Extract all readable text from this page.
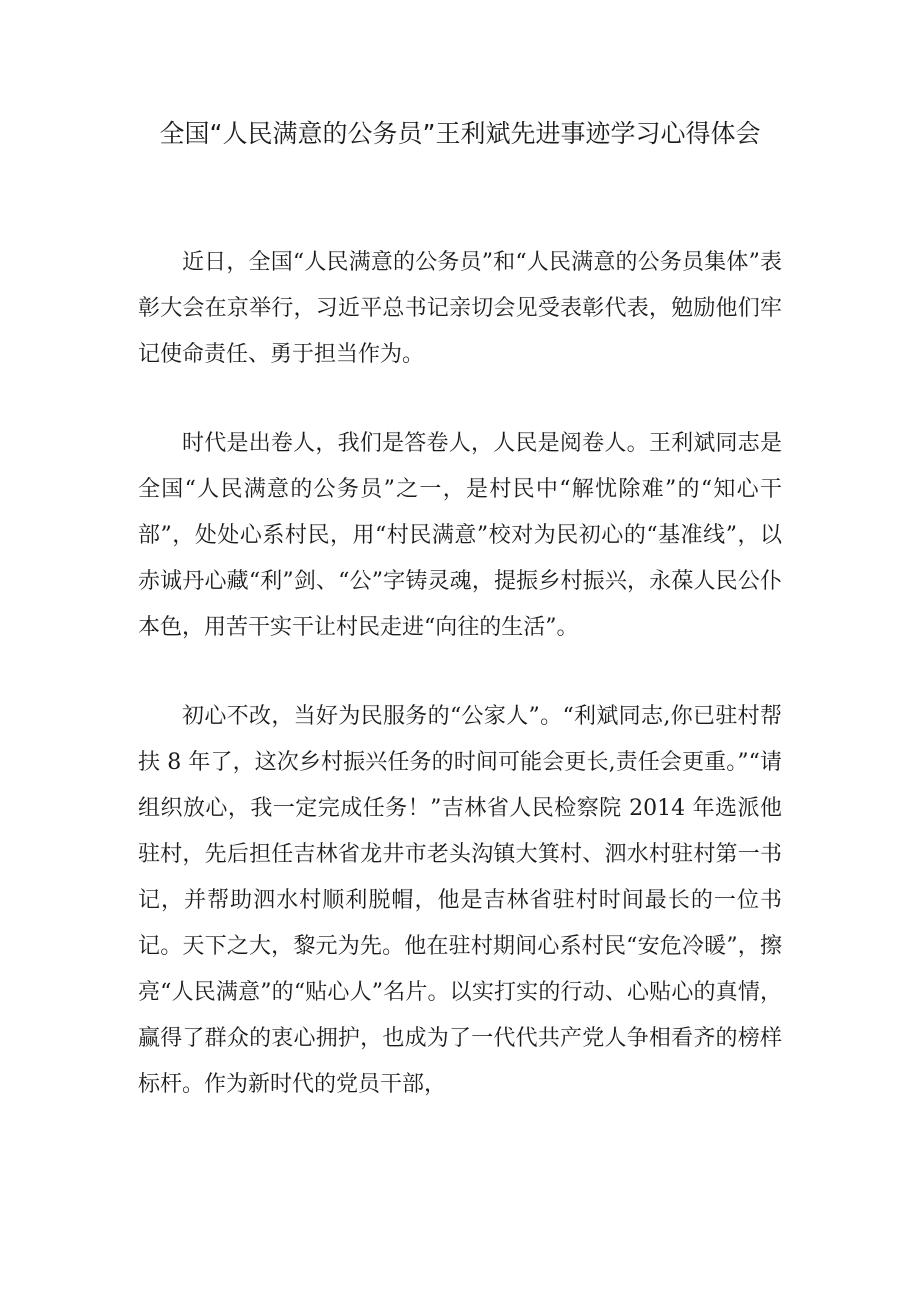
全国“人民满意的公务员”王利斌先进事迹学习心得体会

近日，全国“人民满意的公务员”和“人民满意的公务员集体”表彰大会在京举行，习近平总书记亲切会见受表彰代表，勉励他们牢记使命责任、勇于担当作为。

时代是出卷人，我们是答卷人，人民是阅卷人。王利斌同志是全国“人民满意的公务员”之一，是村民中“解忧除难”的“知心干部”，处处心系村民，用“村民满意”校对为民初心的“基准线”，以赤诚丹心藏“利”剑、“公”字铸灵魂，提振乡村振兴，永葆人民公仆本色，用苦干实干让村民走进“向往的生活”。

初心不改，当好为民服务的“公家人”。“利斌同志,你已驻村帮扶 8 年了，这次乡村振兴任务的时间可能会更长,责任会更重。”“请组织放心，我一定完成任务！”吉林省人民检察院 2014 年选派他驻村，先后担任吉林省龙井市老头沟镇大箕村、泗水村驻村第一书记，并帮助泗水村顺利脱帽，他是吉林省驻村时间最长的一位书记。天下之大，黎元为先。他在驻村期间心系村民“安危冷暖”，擦亮“人民满意”的“贴心人”名片。以实打实的行动、心贴心的真情，赢得了群众的衷心拥护，也成为了一代代共产党人争相看齐的榜样标杆。作为新时代的党员干部，
